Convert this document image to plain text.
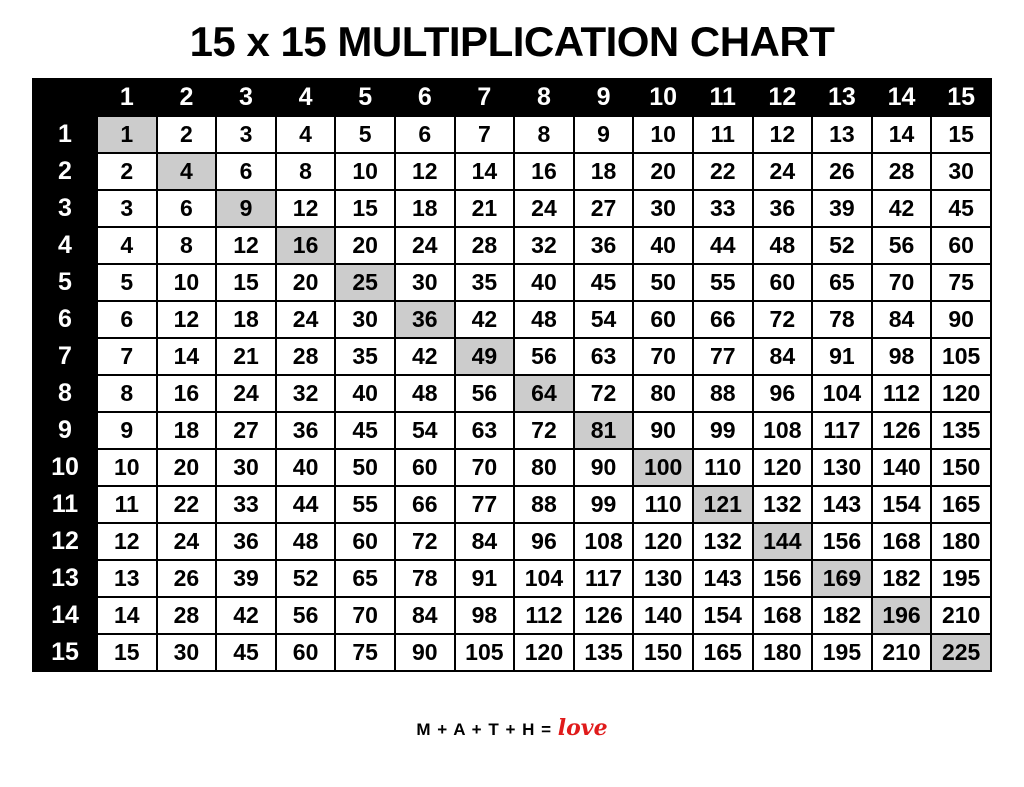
15 x 15 MULTIPLICATION CHART
	1	2	3	4	5	6	7	8	9	10	11	12	13	14	15
1	1	2	3	4	5	6	7	8	9	10	11	12	13	14	15
2	2	4	6	8	10	12	14	16	18	20	22	24	26	28	30
3	3	6	9	12	15	18	21	24	27	30	33	36	39	42	45
4	4	8	12	16	20	24	28	32	36	40	44	48	52	56	60
5	5	10	15	20	25	30	35	40	45	50	55	60	65	70	75
6	6	12	18	24	30	36	42	48	54	60	66	72	78	84	90
7	7	14	21	28	35	42	49	56	63	70	77	84	91	98	105
8	8	16	24	32	40	48	56	64	72	80	88	96	104	112	120
9	9	18	27	36	45	54	63	72	81	90	99	108	117	126	135
10	10	20	30	40	50	60	70	80	90	100	110	120	130	140	150
11	11	22	33	44	55	66	77	88	99	110	121	132	143	154	165
12	12	24	36	48	60	72	84	96	108	120	132	144	156	168	180
13	13	26	39	52	65	78	91	104	117	130	143	156	169	182	195
14	14	28	42	56	70	84	98	112	126	140	154	168	182	196	210
15	15	30	45	60	75	90	105	120	135	150	165	180	195	210	225
M + A + T + H = love
